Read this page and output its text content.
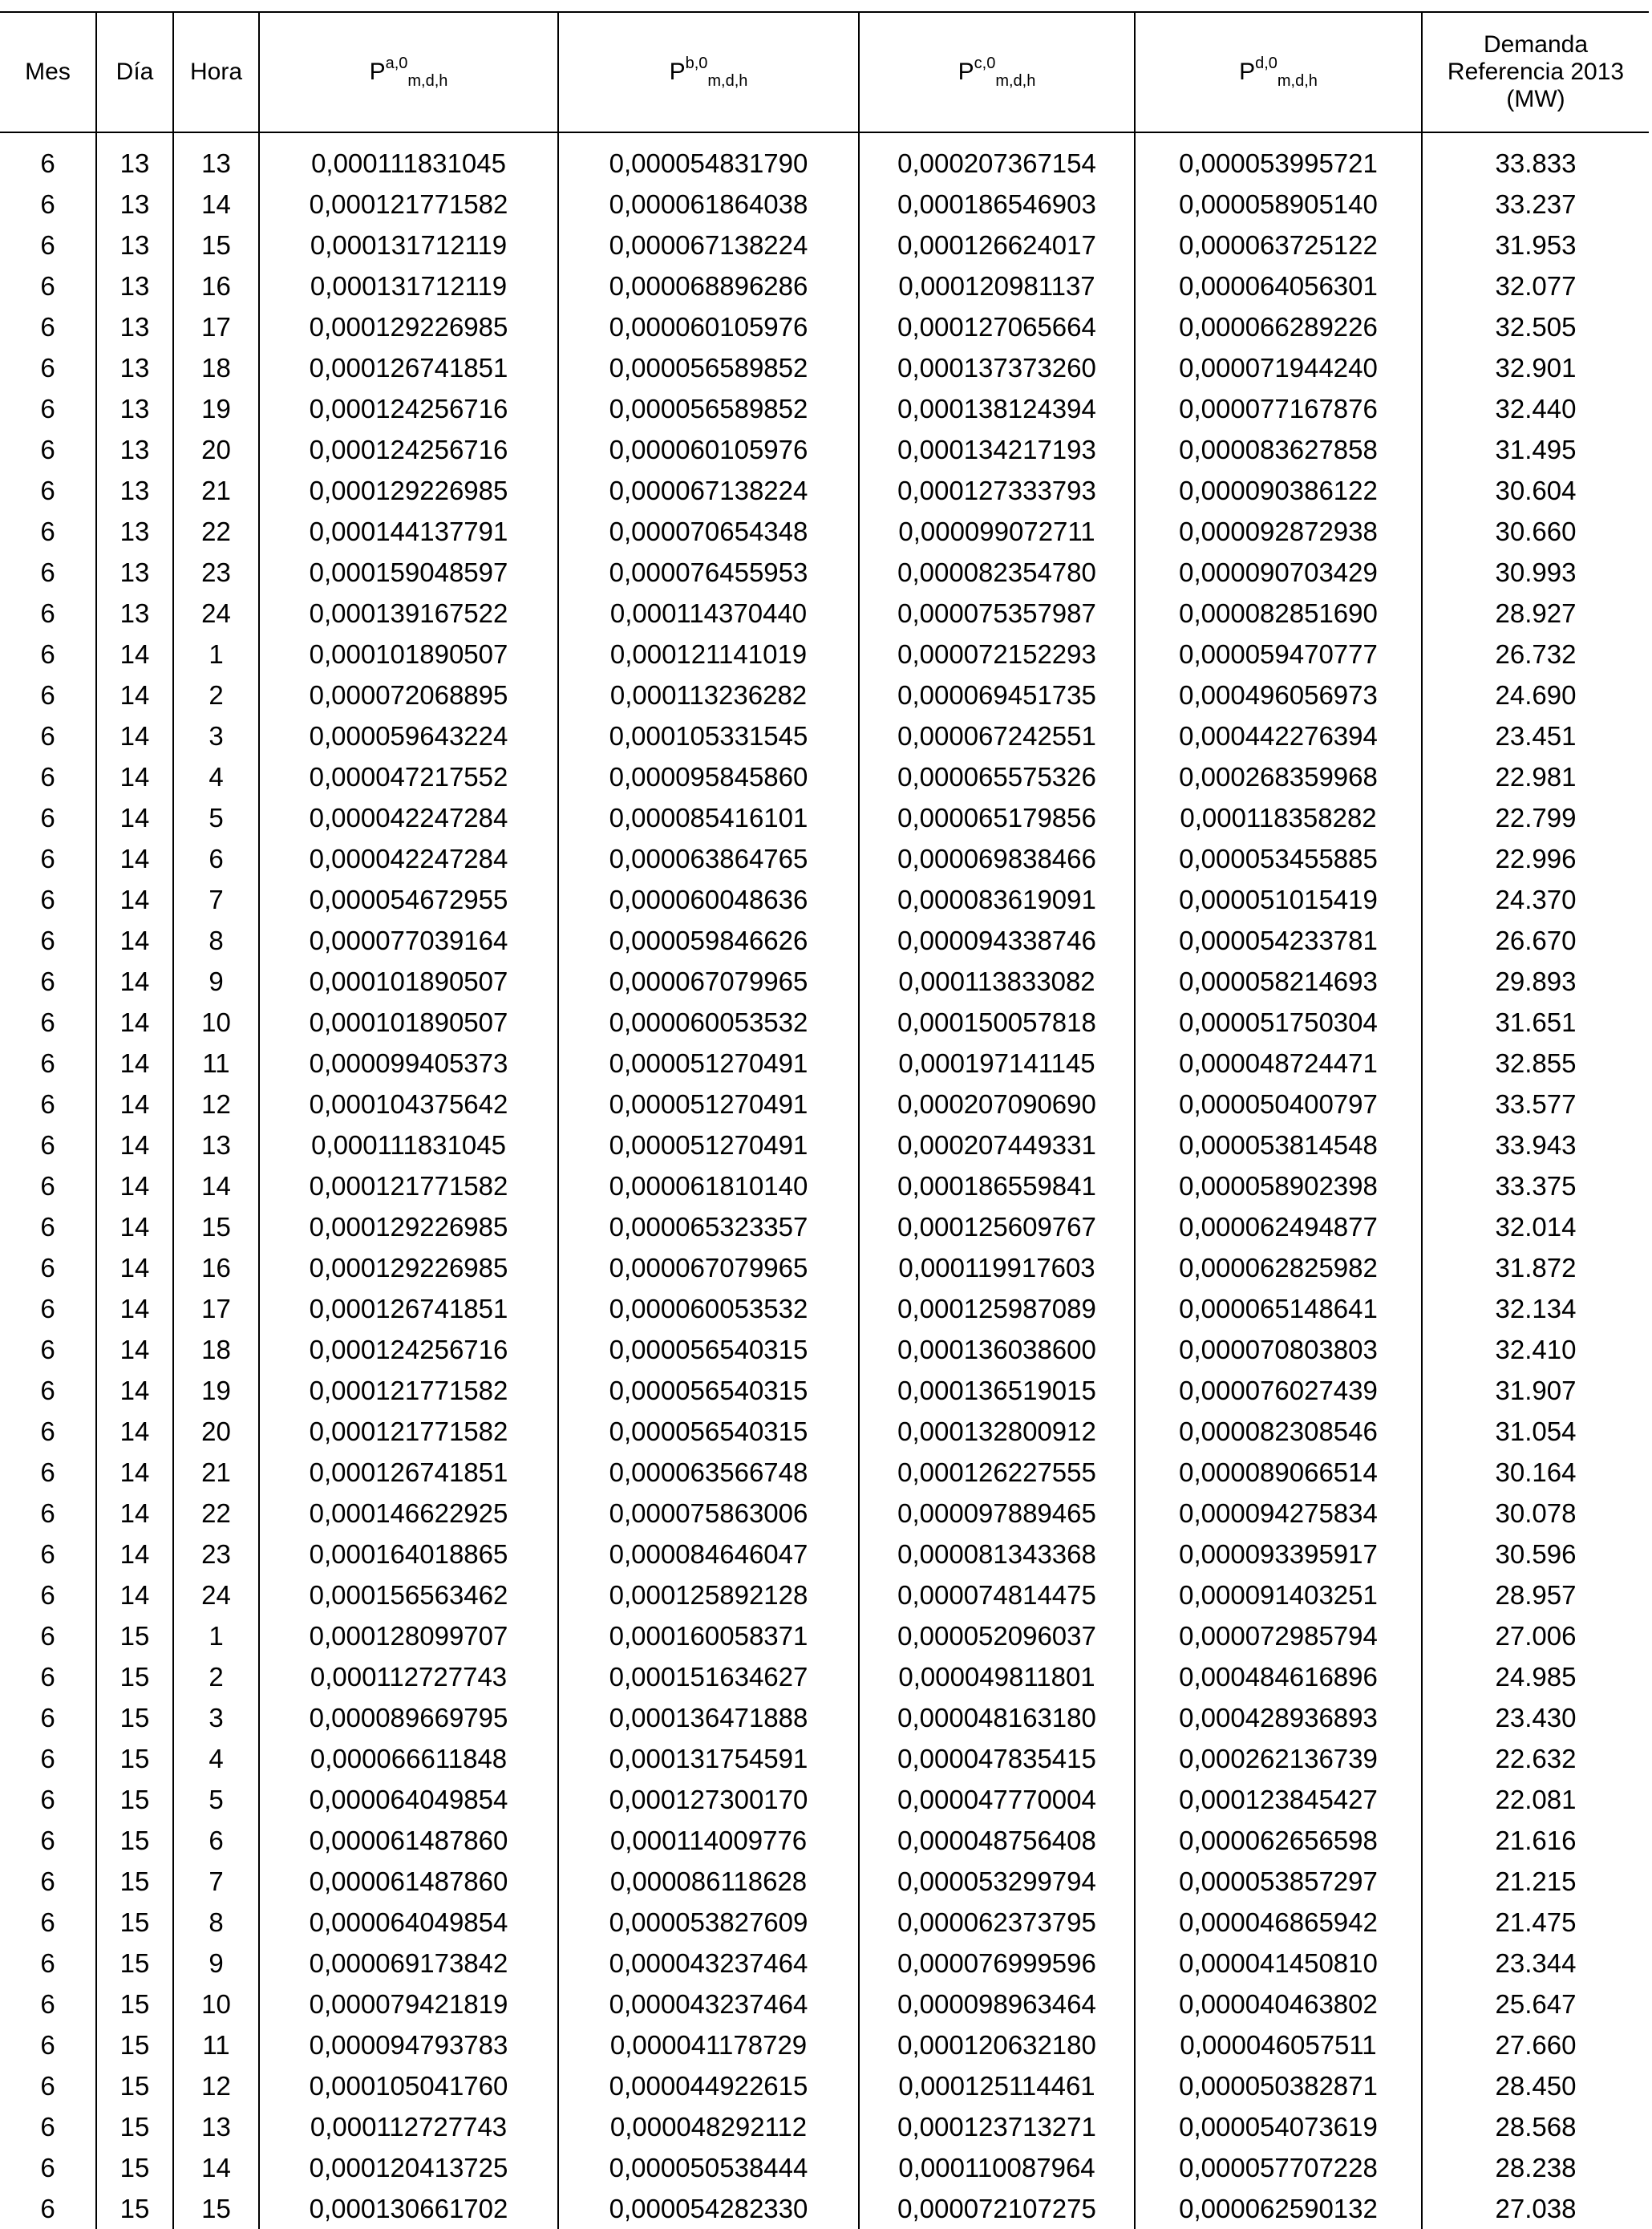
Mes	Día	Hora	P$^{a,0}_{m,d,h}$	P$^{b,0}_{m,d,h}$	P$^{c,0}_{m,d,h}$	P$^{d,0}_{m,d,h}$	Demanda
Referencia 2013
(MW)

6	13	13	0,000111831045	0,000054831790	0,000207367154	0,000053995721	33.833
6	13	14	0,000121771582	0,000061864038	0,000186546903	0,000058905140	33.237
6	13	15	0,000131712119	0,000067138224	0,000126624017	0,000063725122	31.953
6	13	16	0,000131712119	0,000068896286	0,000120981137	0,000064056301	32.077
6	13	17	0,000129226985	0,000060105976	0,000127065664	0,000066289226	32.505
6	13	18	0,000126741851	0,000056589852	0,000137373260	0,000071944240	32.901
6	13	19	0,000124256716	0,000056589852	0,000138124394	0,000077167876	32.440
6	13	20	0,000124256716	0,000060105976	0,000134217193	0,000083627858	31.495
6	13	21	0,000129226985	0,000067138224	0,000127333793	0,000090386122	30.604
6	13	22	0,000144137791	0,000070654348	0,000099072711	0,000092872938	30.660
6	13	23	0,000159048597	0,000076455953	0,000082354780	0,000090703429	30.993
6	13	24	0,000139167522	0,000114370440	0,000075357987	0,000082851690	28.927
6	14	1	0,000101890507	0,000121141019	0,000072152293	0,000059470777	26.732
6	14	2	0,000072068895	0,000113236282	0,000069451735	0,000496056973	24.690
6	14	3	0,000059643224	0,000105331545	0,000067242551	0,000442276394	23.451
6	14	4	0,000047217552	0,000095845860	0,000065575326	0,000268359968	22.981
6	14	5	0,000042247284	0,000085416101	0,000065179856	0,000118358282	22.799
6	14	6	0,000042247284	0,000063864765	0,000069838466	0,000053455885	22.996
6	14	7	0,000054672955	0,000060048636	0,000083619091	0,000051015419	24.370
6	14	8	0,000077039164	0,000059846626	0,000094338746	0,000054233781	26.670
6	14	9	0,000101890507	0,000067079965	0,000113833082	0,000058214693	29.893
6	14	10	0,000101890507	0,000060053532	0,000150057818	0,000051750304	31.651
6	14	11	0,000099405373	0,000051270491	0,000197141145	0,000048724471	32.855
6	14	12	0,000104375642	0,000051270491	0,000207090690	0,000050400797	33.577
6	14	13	0,000111831045	0,000051270491	0,000207449331	0,000053814548	33.943
6	14	14	0,000121771582	0,000061810140	0,000186559841	0,000058902398	33.375
6	14	15	0,000129226985	0,000065323357	0,000125609767	0,000062494877	32.014
6	14	16	0,000129226985	0,000067079965	0,000119917603	0,000062825982	31.872
6	14	17	0,000126741851	0,000060053532	0,000125987089	0,000065148641	32.134
6	14	18	0,000124256716	0,000056540315	0,000136038600	0,000070803803	32.410
6	14	19	0,000121771582	0,000056540315	0,000136519015	0,000076027439	31.907
6	14	20	0,000121771582	0,000056540315	0,000132800912	0,000082308546	31.054
6	14	21	0,000126741851	0,000063566748	0,000126227555	0,000089066514	30.164
6	14	22	0,000146622925	0,000075863006	0,000097889465	0,000094275834	30.078
6	14	23	0,000164018865	0,000084646047	0,000081343368	0,000093395917	30.596
6	14	24	0,000156563462	0,000125892128	0,000074814475	0,000091403251	28.957
6	15	1	0,000128099707	0,000160058371	0,000052096037	0,000072985794	27.006
6	15	2	0,000112727743	0,000151634627	0,000049811801	0,000484616896	24.985
6	15	3	0,000089669795	0,000136471888	0,000048163180	0,000428936893	23.430
6	15	4	0,000066611848	0,000131754591	0,000047835415	0,000262136739	22.632
6	15	5	0,000064049854	0,000127300170	0,000047770004	0,000123845427	22.081
6	15	6	0,000061487860	0,000114009776	0,000048756408	0,000062656598	21.616
6	15	7	0,000061487860	0,000086118628	0,000053299794	0,000053857297	21.215
6	15	8	0,000064049854	0,000053827609	0,000062373795	0,000046865942	21.475
6	15	9	0,000069173842	0,000043237464	0,000076999596	0,000041450810	23.344
6	15	10	0,000079421819	0,000043237464	0,000098963464	0,000040463802	25.647
6	15	11	0,000094793783	0,000041178729	0,000120632180	0,000046057511	27.660
6	15	12	0,000105041760	0,000044922615	0,000125114461	0,000050382871	28.450
6	15	13	0,000112727743	0,000048292112	0,000123713271	0,000054073619	28.568
6	15	14	0,000120413725	0,000050538444	0,000110087964	0,000057707228	28.238
6	15	15	0,000130661702	0,000054282330	0,000072107275	0,000062590132	27.038
